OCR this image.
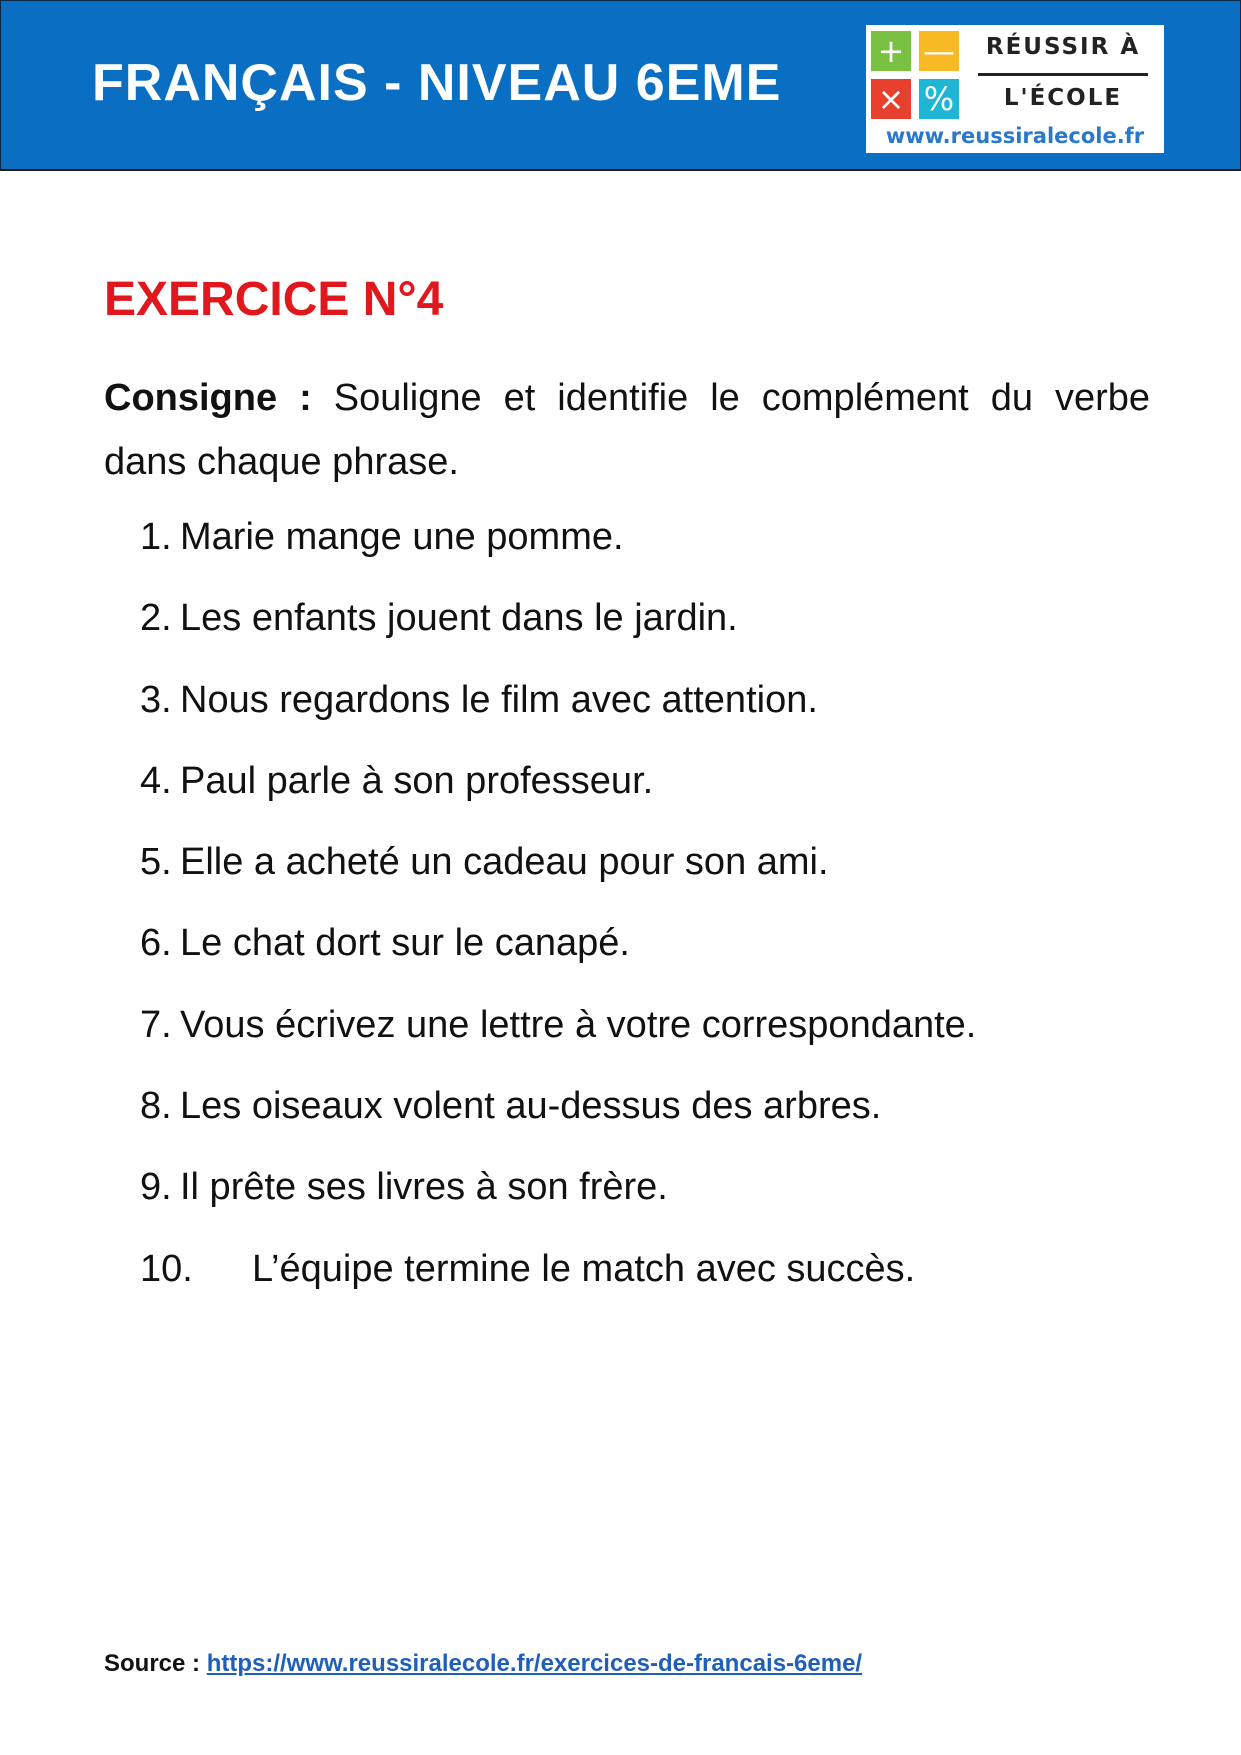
FRANÇAIS - NIVEAU 6EME
+ —
× %
RÉUSSIR À
L'ÉCOLE
www.reussiralecole.fr
EXERCICE N°4
Consigne : Souligne et identifie le complément du verbe dans chaque phrase.
1. Marie mange une pomme.
2. Les enfants jouent dans le jardin.
3. Nous regardons le film avec attention.
4. Paul parle à son professeur.
5. Elle a acheté un cadeau pour son ami.
6. Le chat dort sur le canapé.
7. Vous écrivez une lettre à votre correspondante.
8. Les oiseaux volent au-dessus des arbres.
9. Il prête ses livres à son frère.
10.	L’équipe termine le match avec succès.
Source : https://www.reussiralecole.fr/exercices-de-francais-6eme/
